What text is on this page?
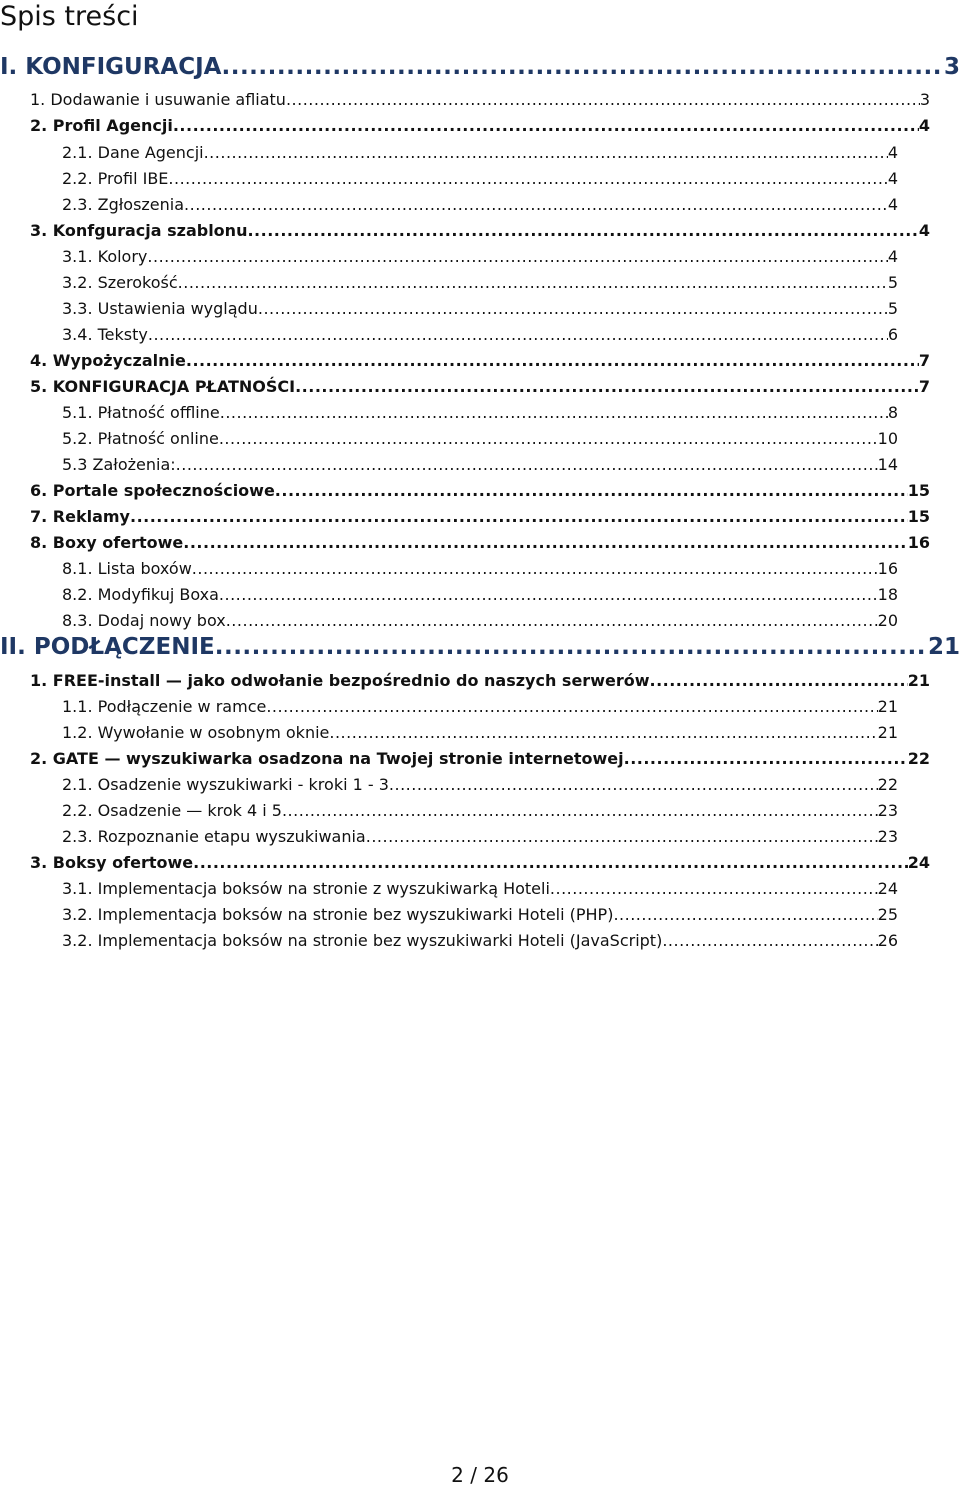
Spis treści
I. KONFIGURACJA .....	3
1. Dodawanie i usuwanie afliatu .....	3
2. Profil Agencji .....	4
2.1. Dane Agencji .....	4
2.2. Profil IBE .....	4
2.3. Zgłoszenia .....	4
3. Konfguracja szablonu .....	4
3.1. Kolory .....	4
3.2. Szerokość .....	5
3.3. Ustawienia wyglądu .....	5
3.4. Teksty .....	6
4. Wypożyczalnie .....	7
5. KONFIGURACJA PŁATNOŚCI .....	7
5.1. Płatność offline .....	8
5.2. Płatność online .....	10
5.3 Założenia: .....	14
6. Portale społecznościowe .....	15
7. Reklamy .....	15
8. Boxy ofertowe .....	16
8.1. Lista boxów .....	16
8.2. Modyfikuj Boxa .....	18
8.3. Dodaj nowy box .....	20
II. PODŁĄCZENIE .....	21
1. FREE-install — jako odwołanie bezpośrednio do naszych serwerów .....	21
1.1. Podłączenie w ramce .....	21
1.2. Wywołanie w osobnym oknie .....	21
2. GATE — wyszukiwarka osadzona na Twojej stronie internetowej .....	22
2.1. Osadzenie wyszukiwarki - kroki 1 - 3 .....	22
2.2. Osadzenie — krok 4 i 5 .....	23
2.3. Rozpoznanie etapu wyszukiwania .....	23
3. Boksy ofertowe .....	24
3.1. Implementacja boksów na stronie z wyszukiwarką Hoteli .....	24
3.2. Implementacja boksów na stronie bez wyszukiwarki Hoteli (PHP) .....	25
3.2. Implementacja boksów na stronie bez wyszukiwarki Hoteli (JavaScript) .....	26
2 / 26
